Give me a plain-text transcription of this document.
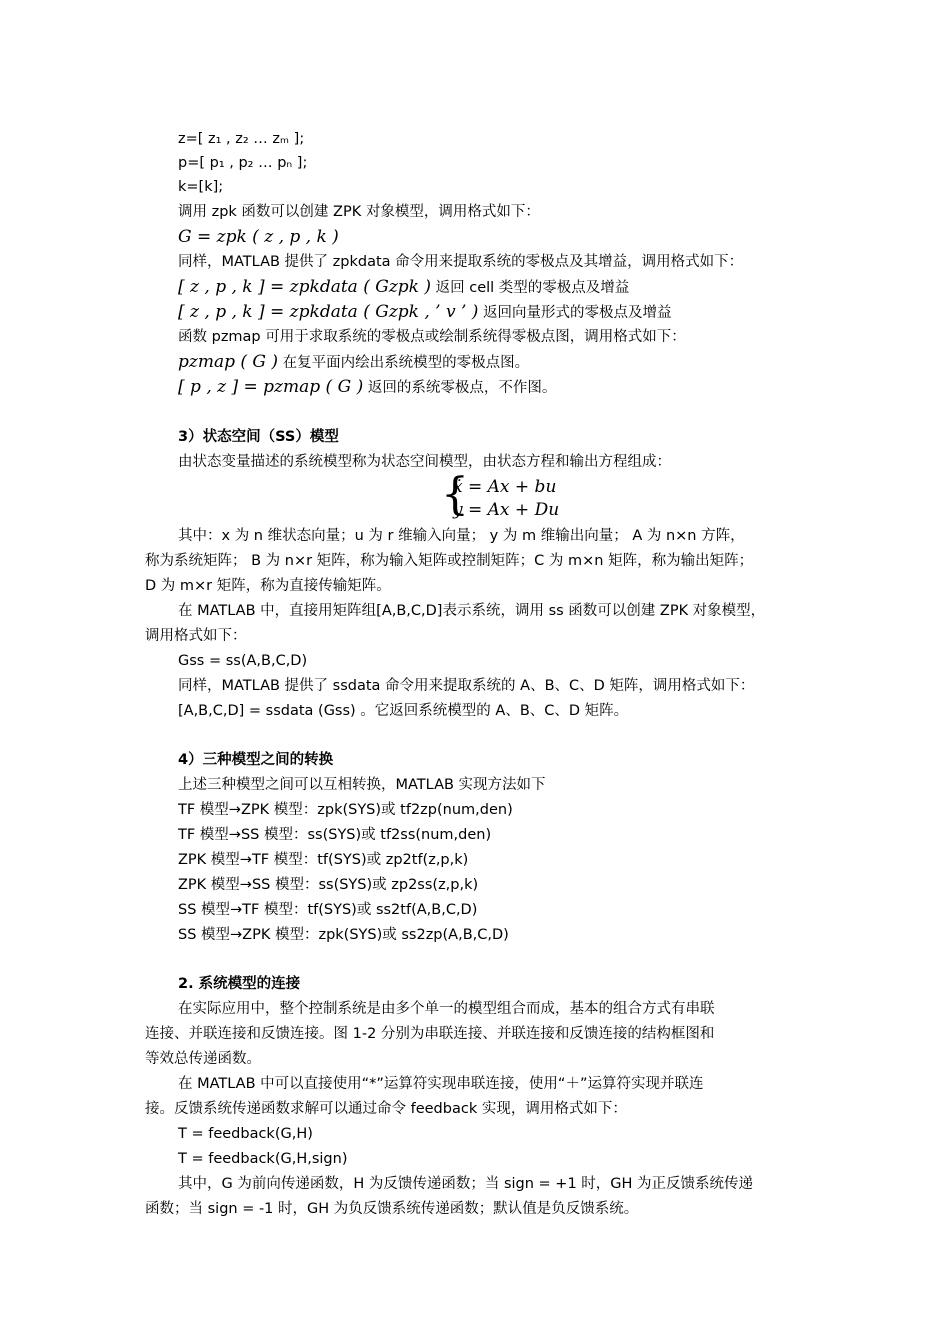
z=[ z₁ , z₂ … zₘ ];
p=[ p₁ , p₂ … pₙ ];
k=[k];
调用 zpk 函数可以创建 ZPK 对象模型，调用格式如下：
G = zpk ( z , p , k )
同样，MATLAB 提供了 zpkdata 命令用来提取系统的零极点及其增益，调用格式如下：
[ z , p , k ] = zpkdata ( Gzpk ) 返回 cell 类型的零极点及增益
[ z , p , k ] = zpkdata ( Gzpk , ’ v ’ ) 返回向量形式的零极点及增益
函数 pzmap 可用于求取系统的零极点或绘制系统得零极点图，调用格式如下：
pzmap ( G ) 在复平面内绘出系统模型的零极点图。
[ p , z ] = pzmap ( G ) 返回的系统零极点，不作图。
3）状态空间（SS）模型
由状态变量描述的系统模型称为状态空间模型，由状态方程和输出方程组成：
{
ẋ = Ax + bu
y = Ax + Du
其中：x 为 n 维状态向量；u 为 r 维输入向量； y 为 m 维输出向量； A 为 n×n 方阵，
称为系统矩阵； B 为 n×r 矩阵，称为输入矩阵或控制矩阵；C 为 m×n 矩阵，称为输出矩阵；
D 为 m×r 矩阵，称为直接传输矩阵。
在 MATLAB 中，直接用矩阵组[A,B,C,D]表示系统，调用 ss 函数可以创建 ZPK 对象模型，
调用格式如下：
Gss = ss(A,B,C,D)
同样，MATLAB 提供了 ssdata 命令用来提取系统的 A、B、C、D 矩阵，调用格式如下：
[A,B,C,D] = ssdata (Gss) 。它返回系统模型的 A、B、C、D 矩阵。
4）三种模型之间的转换
上述三种模型之间可以互相转换，MATLAB 实现方法如下
TF 模型→ZPK 模型：zpk(SYS)或 tf2zp(num,den)
TF 模型→SS 模型：ss(SYS)或 tf2ss(num,den)
ZPK 模型→TF 模型：tf(SYS)或 zp2tf(z,p,k)
ZPK 模型→SS 模型：ss(SYS)或 zp2ss(z,p,k)
SS 模型→TF 模型：tf(SYS)或 ss2tf(A,B,C,D)
SS 模型→ZPK 模型：zpk(SYS)或 ss2zp(A,B,C,D)
2. 系统模型的连接
在实际应用中，整个控制系统是由多个单一的模型组合而成，基本的组合方式有串联
连接、并联连接和反馈连接。图 1-2 分别为串联连接、并联连接和反馈连接的结构框图和
等效总传递函数。
在 MATLAB 中可以直接使用“*”运算符实现串联连接，使用“＋”运算符实现并联连
接。反馈系统传递函数求解可以通过命令 feedback 实现，调用格式如下：
T = feedback(G,H)
T = feedback(G,H,sign)
其中，G 为前向传递函数，H 为反馈传递函数；当 sign = +1 时，GH 为正反馈系统传递
函数；当 sign = -1 时，GH 为负反馈系统传递函数；默认值是负反馈系统。
